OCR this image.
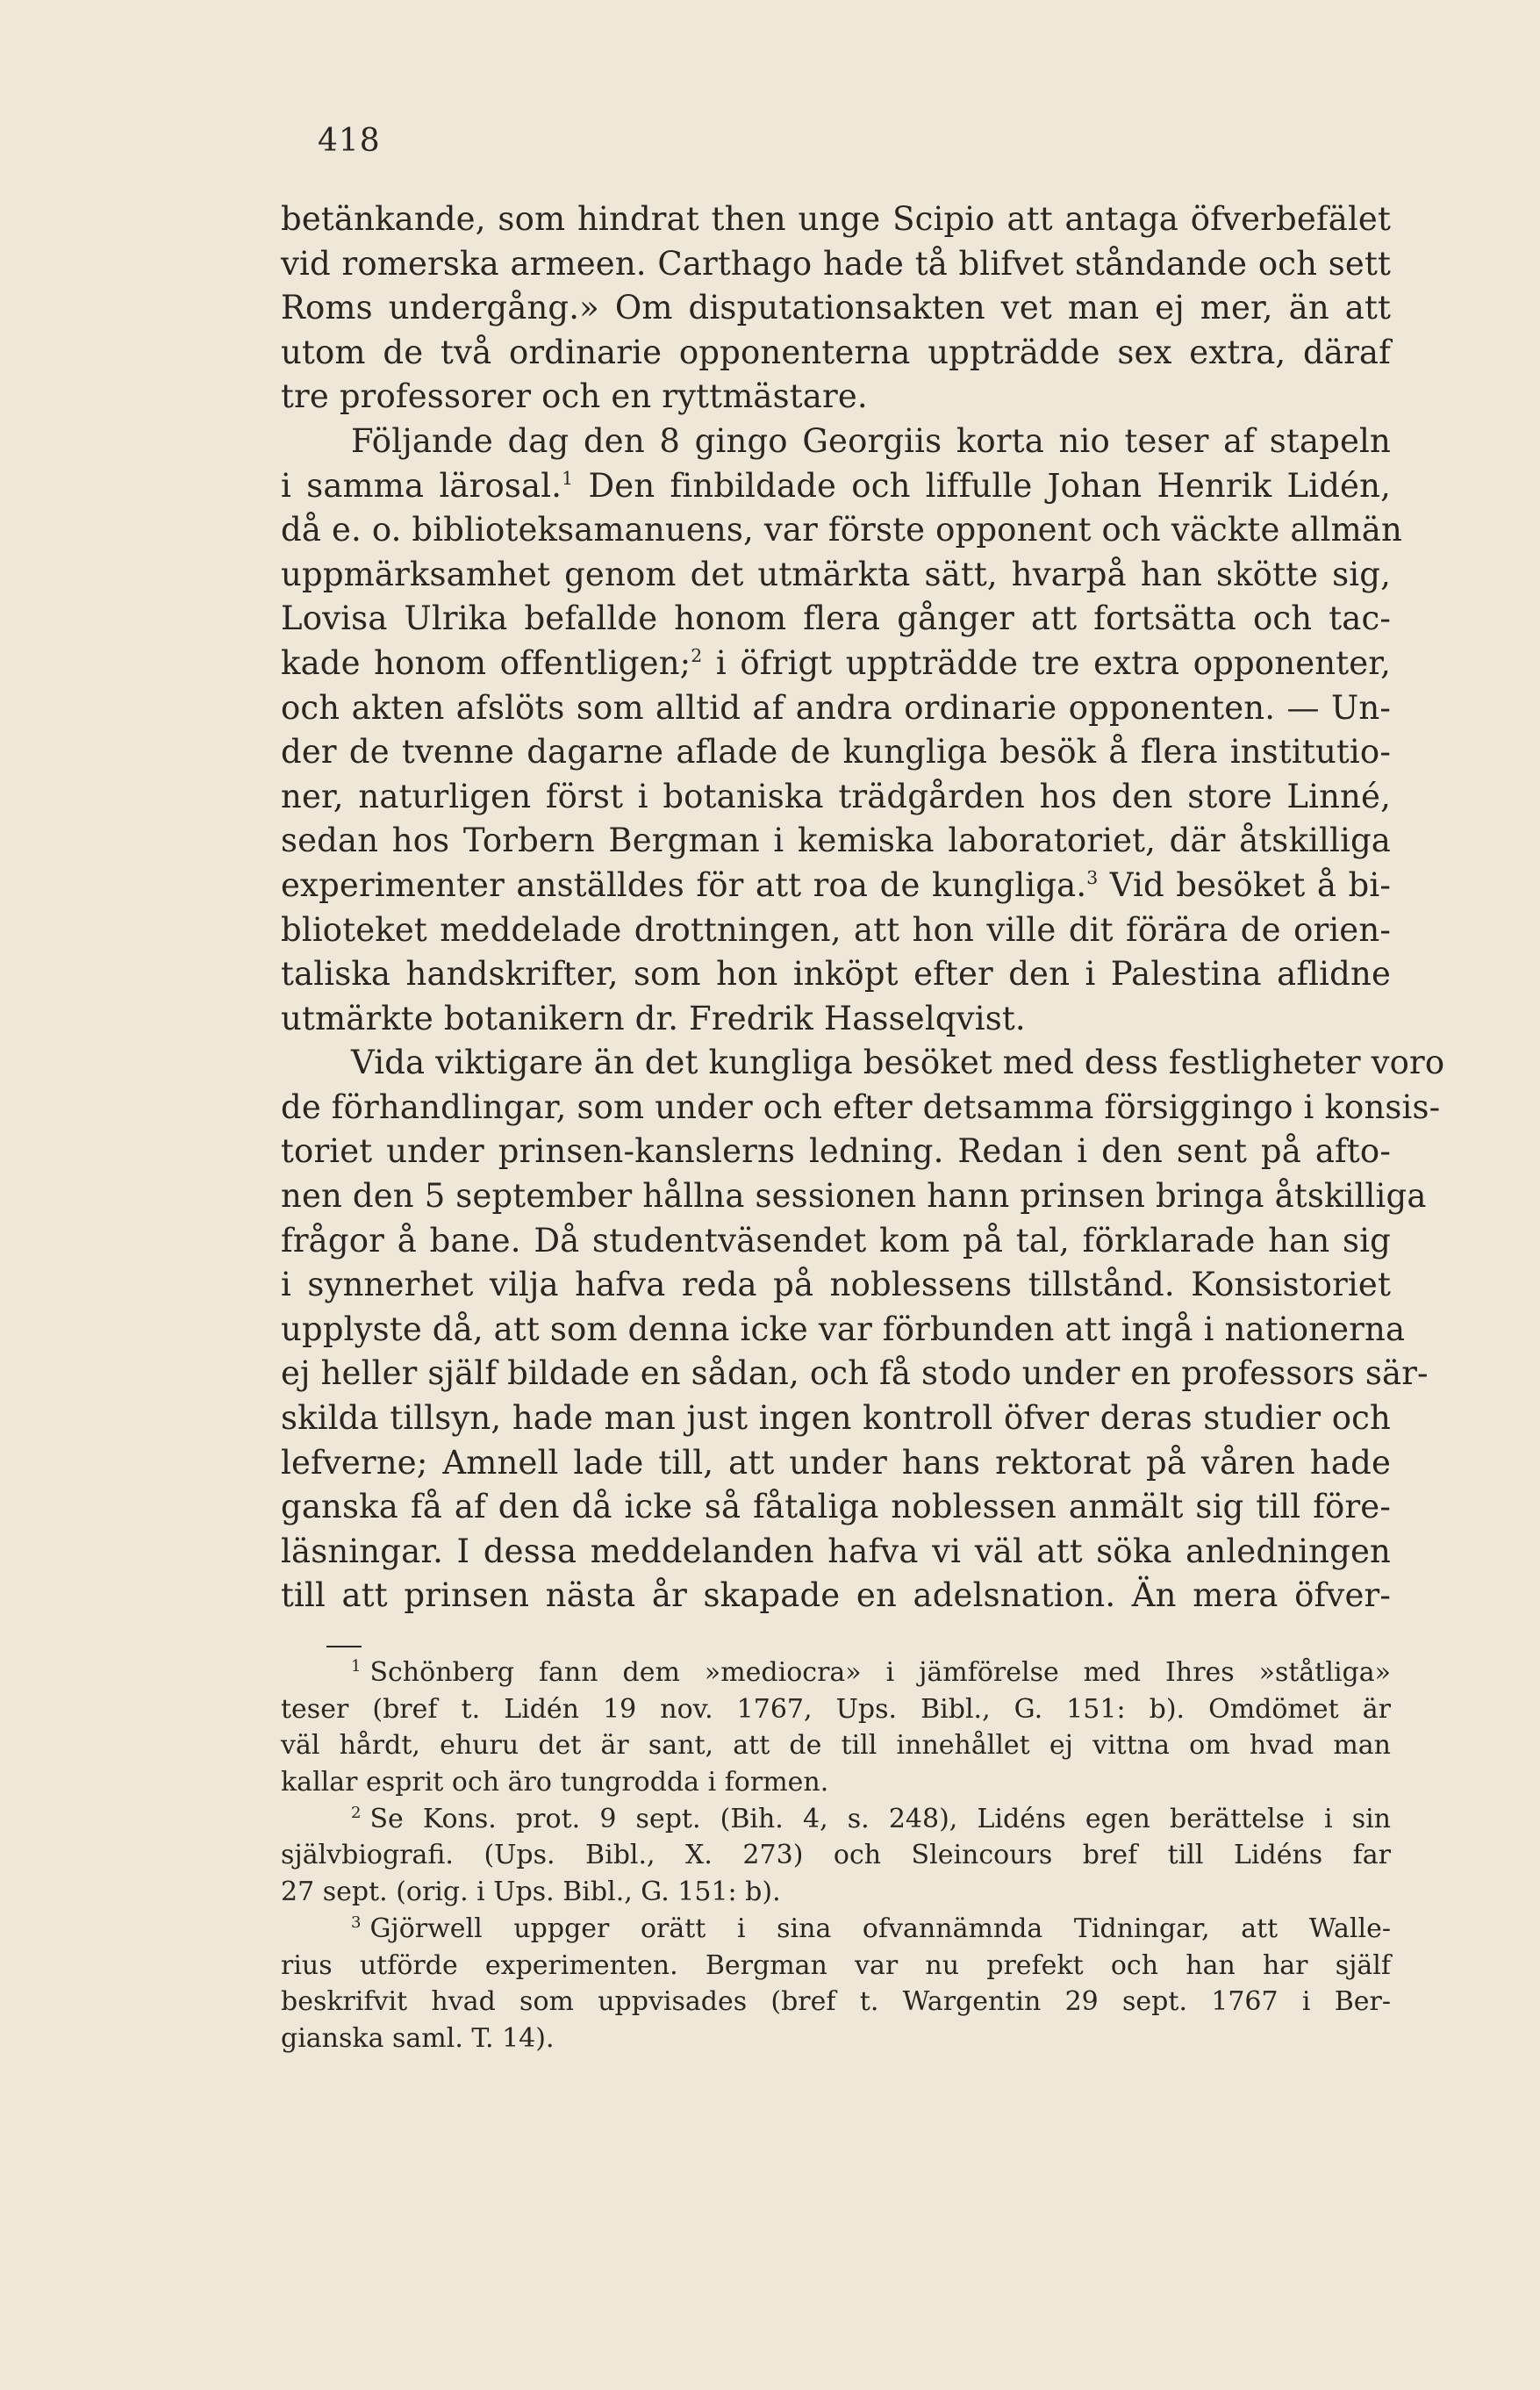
418
betänkande, som hindrat then unge Scipio att antaga öfverbefälet
vid romerska armeen. Carthago hade tå blifvet ståndande och sett
Roms undergång.» Om disputationsakten vet man ej mer, än att
utom de två ordinarie opponenterna uppträdde sex extra, däraf
tre professorer och en ryttmästare.
Följande dag den 8 gingo Georgiis korta nio teser af stapeln
i samma lärosal.$^1$ Den finbildade och liffulle Johan Henrik Lidén,
då e. o. biblioteksamanuens, var förste opponent och väckte allmän
uppmärksamhet genom det utmärkta sätt, hvarpå han skötte sig,
Lovisa Ulrika befallde honom flera gånger att fortsätta och tac-
kade honom offentligen;$^2$ i öfrigt uppträdde tre extra opponenter,
och akten afslöts som alltid af andra ordinarie opponenten. — Un-
der de tvenne dagarne aflade de kungliga besök å flera institutio-
ner, naturligen först i botaniska trädgården hos den store Linné,
sedan hos Torbern Bergman i kemiska laboratoriet, där åtskilliga
experimenter anställdes för att roa de kungliga.$^3$ Vid besöket å bi-
blioteket meddelade drottningen, att hon ville dit förära de orien-
taliska handskrifter, som hon inköpt efter den i Palestina aflidne
utmärkte botanikern dr. Fredrik Hasselqvist.
Vida viktigare än det kungliga besöket med dess festligheter voro
de förhandlingar, som under och efter detsamma försiggingo i konsis-
toriet under prinsen-kanslerns ledning. Redan i den sent på afto-
nen den 5 september hållna sessionen hann prinsen bringa åtskilliga
frågor å bane. Då studentväsendet kom på tal, förklarade han sig
i synnerhet vilja hafva reda på noblessens tillstånd. Konsistoriet
upplyste då, att som denna icke var förbunden att ingå i nationerna
ej heller själf bildade en sådan, och få stodo under en professors sär-
skilda tillsyn, hade man just ingen kontroll öfver deras studier och
lefverne; Amnell lade till, att under hans rektorat på våren hade
ganska få af den då icke så fåtaliga noblessen anmält sig till före-
läsningar. I dessa meddelanden hafva vi väl att söka anledningen
till att prinsen nästa år skapade en adelsnation. Än mera öfver-
$^1$ Schönberg fann dem »mediocra» i jämförelse med Ihres »ståtliga»
teser (bref t. Lidén 19 nov. 1767, Ups. Bibl., G. 151: b). Omdömet är
väl hårdt, ehuru det är sant, att de till innehållet ej vittna om hvad man
kallar esprit och äro tungrodda i formen.
$^2$ Se Kons. prot. 9 sept. (Bih. 4, s. 248), Lidéns egen berättelse i sin
självbiografi. (Ups. Bibl., X. 273) och Sleincours bref till Lidéns far
27 sept. (orig. i Ups. Bibl., G. 151: b).
$^3$ Gjörwell uppger orätt i sina ofvannämnda Tidningar, att Walle-
rius utförde experimenten. Bergman var nu prefekt och han har själf
beskrifvit hvad som uppvisades (bref t. Wargentin 29 sept. 1767 i Ber-
gianska saml. T. 14).
